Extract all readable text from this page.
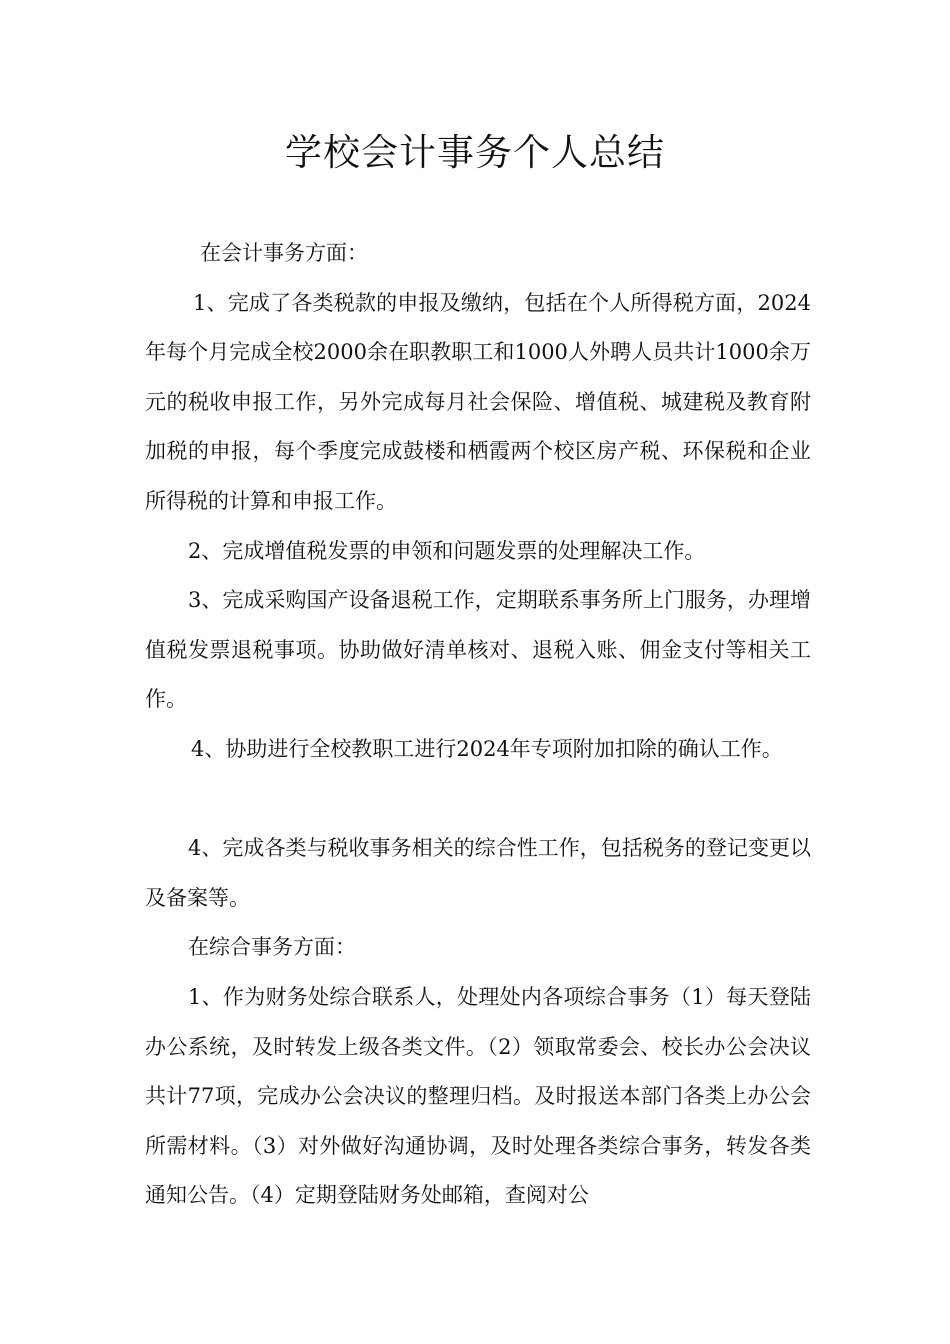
学校会计事务个人总结

在会计事务方面：

1、完成了各类税款的申报及缴纳，包括在个人所得税方面，2024年每个月完成全校2000余在职教职工和1000人外聘人员共计1000余万元的税收申报工作，另外完成每月社会保险、增值税、城建税及教育附加税的申报，每个季度完成鼓楼和栖霞两个校区房产税、环保税和企业所得税的计算和申报工作。

2、完成增值税发票的申领和问题发票的处理解决工作。

3、完成采购国产设备退税工作，定期联系事务所上门服务，办理增值税发票退税事项。协助做好清单核对、退税入账、佣金支付等相关工作。

4、协助进行全校教职工进行2024年专项附加扣除的确认工作。

4、完成各类与税收事务相关的综合性工作，包括税务的登记变更以及备案等。

在综合事务方面：

1、作为财务处综合联系人，处理处内各项综合事务（1）每天登陆办公系统，及时转发上级各类文件。（2）领取常委会、校长办公会决议共计77项，完成办公会决议的整理归档。及时报送本部门各类上办公会所需材料。（3）对外做好沟通协调，及时处理各类综合事务，转发各类通知公告。（4）定期登陆财务处邮箱，查阅对公
